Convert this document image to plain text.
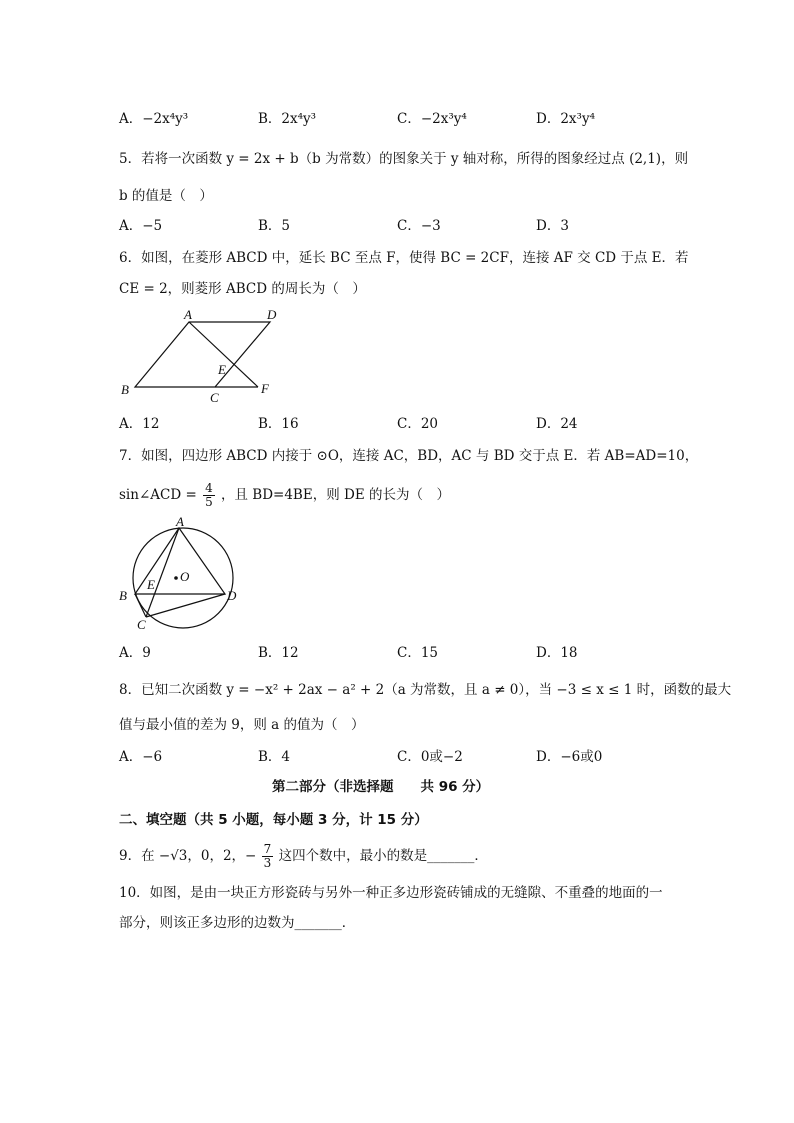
A．−2x⁴y³	B．2x⁴y³	C．−2x³y⁴	D．2x³y⁴
5．若将一次函数 y = 2x + b（b 为常数）的图象关于 y 轴对称，所得的图象经过点 (2,1)，则
b 的值是（　）
A．−5	B．5	C．−3	D．3
6．如图，在菱形 ABCD 中，延长 BC 至点 F，使得 BC = 2CF，连接 AF 交 CD 于点 E．若
CE = 2，则菱形 ABCD 的周长为（　）
A	D
B
C
F
E
A．12	B．16	C．20	D．24
7．如图，四边形 ABCD 内接于 ⊙O，连接 AC，BD，AC 与 BD 交于点 E．若 AB=AD=10，
sin∠ACD = $\frac{4}{5}$ ，且 BD=4BE，则 DE 的长为（　）
A
B
C
D
E
O
A．9	B．12	C．15	D．18
8．已知二次函数 y = −x² + 2ax − a² + 2（a 为常数，且 a ≠ 0），当 −3 ≤ x ≤ 1 时，函数的最大
值与最小值的差为 9，则 a 的值为（　）
A．−6	B．4	C．0或−2	D．−6或0
第二部分（非选择题　　共 96 分）
二、填空题（共 5 小题，每小题 3 分，计 15 分）
9．在 −√3，0，2，− $\frac{7}{3}$ 这四个数中，最小的数是_______．
10．如图，是由一块正方形瓷砖与另外一种正多边形瓷砖铺成的无缝隙、不重叠的地面的一
部分，则该正多边形的边数为_______．
